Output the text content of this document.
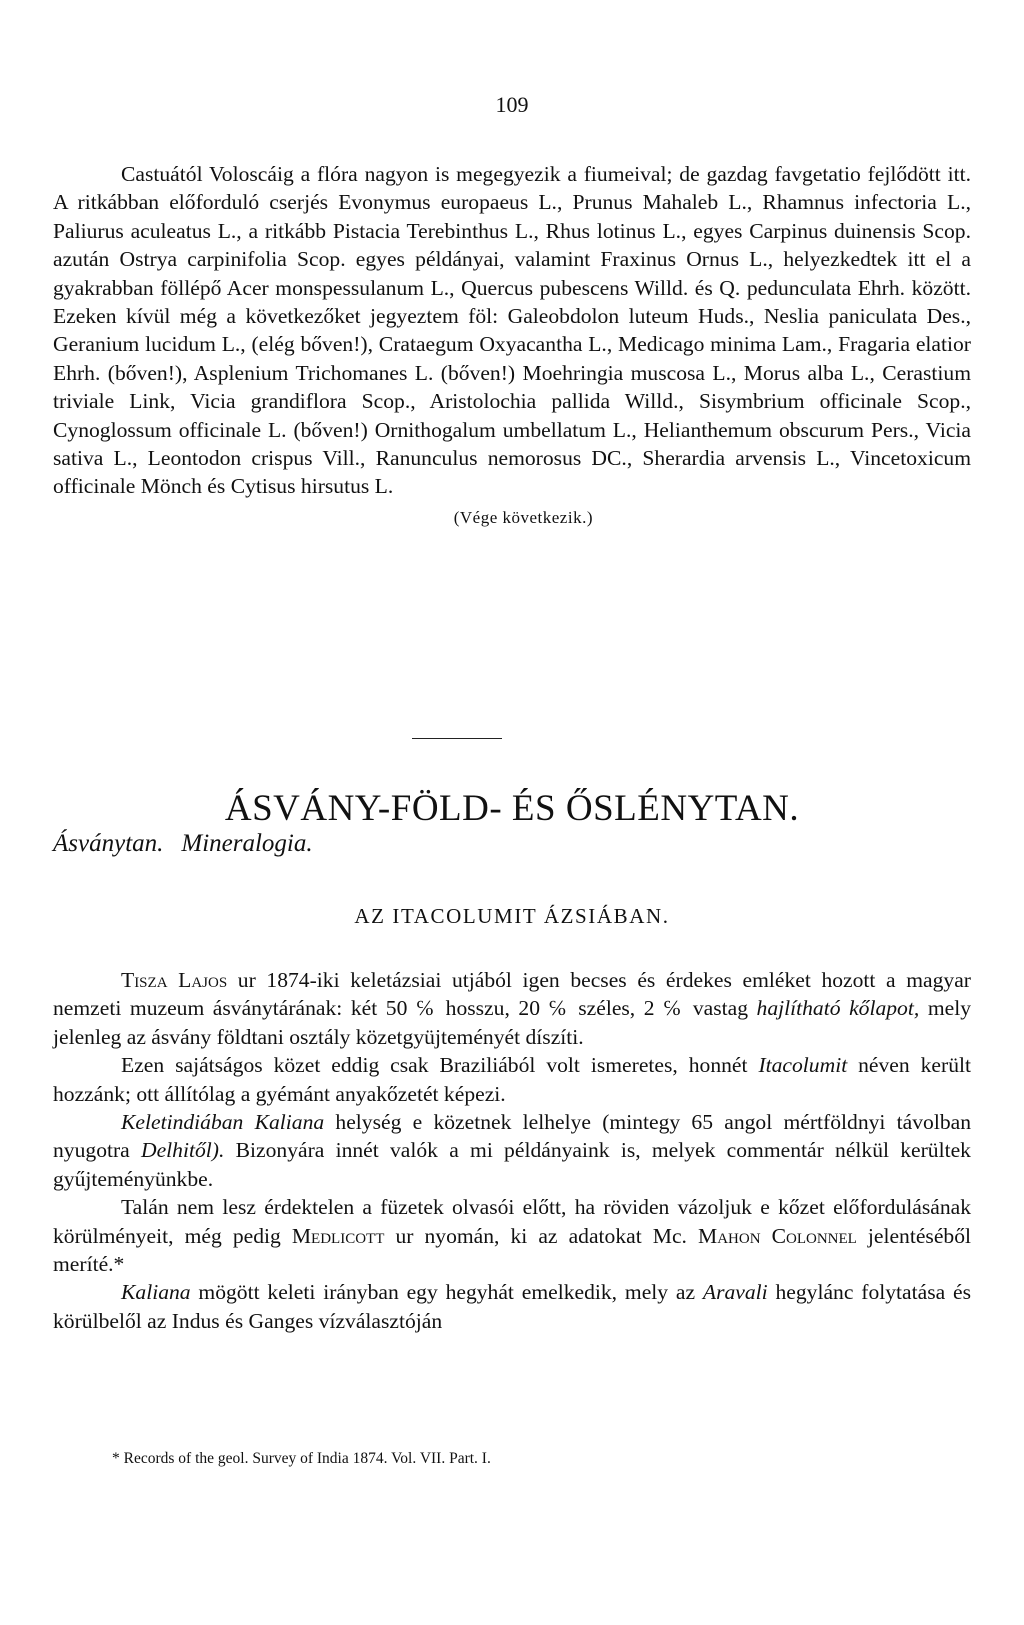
109

Castuától Voloscáig a flóra nagyon is megegyezik a fiumeival; de gazdag favgetatio fejlődött itt. A ritkábban előforduló cserjés Evonymus europaeus L., Prunus Mahaleb L., Rhamnus infectoria L., Paliurus aculeatus L., a ritkább Pistacia Terebinthus L., Rhus lotinus L., egyes Carpinus duinensis Scop. azután Ostrya carpinifolia Scop. egyes példányai, valamint Fraxinus Ornus L., helyezkedtek itt el a gyakrabban föllépő Acer monspessulanum L., Quercus pubescens Willd. és Q. pedunculata Ehrh. között. Ezeken kívül még a következőket jegyeztem föl: Galeobdolon luteum Huds., Neslia paniculata Des., Geranium lucidum L., (elég bőven!), Crataegum Oxyacantha L., Medicago minima Lam., Fragaria elatior Ehrh. (bőven!), Asplenium Trichomanes L. (bőven!) Moehringia muscosa L., Morus alba L., Cerastium triviale Link, Vicia grandiflora Scop., Aristolochia pallida Willd., Sisymbrium officinale Scop., Cynoglossum officinale L. (bőven!) Ornithogalum umbellatum L., Helianthemum obscurum Pers., Vicia sativa L., Leontodon crispus Vill., Ranunculus nemorosus DC., Sherardia arvensis L., Vincetoxicum officinale Mönch és Cytisus hirsutus L.

(Vége következik.)
ÁSVÁNY-FÖLD- ÉS ŐSLÉNYTAN.
Ásványtan. Mineralogia.
AZ ITACOLUMIT ÁZSIÁBAN.

Tisza Lajos ur 1874-iki keletázsiai utjából igen becses és érdekes emléket hozott a magyar nemzeti muzeum ásványtárának: két 50 ℅ hosszu, 20 ℅ széles, 2 ℅ vastag hajlítható kőlapot, mely jelenleg az ásvány földtani osztály közetgyüjteményét díszíti.

Ezen sajátságos közet eddig csak Braziliából volt ismeretes, honnét Itacolumit néven került hozzánk; ott állítólag a gyémánt anyakőzetét képezi.

Keletindiában Kaliana helység e közetnek lelhelye (mintegy 65 angol mértföldnyi távolban nyugotra Delhitől). Bizonyára innét valók a mi példányaink is, melyek commentár nélkül kerültek gyűjteményünkbe.

Talán nem lesz érdektelen a füzetek olvasói előtt, ha röviden vázoljuk e kőzet előfordulásának körülményeit, még pedig Medlicott ur nyomán, ki az adatokat Mc. Mahon Colonnel jelentéséből meríté.*

Kaliana mögött keleti irányban egy hegyhát emelkedik, mely az Aravali hegylánc folytatása és körülbelől az Indus és Ganges vízválasztóján

* Records of the geol. Survey of India 1874. Vol. VII. Part. I.
